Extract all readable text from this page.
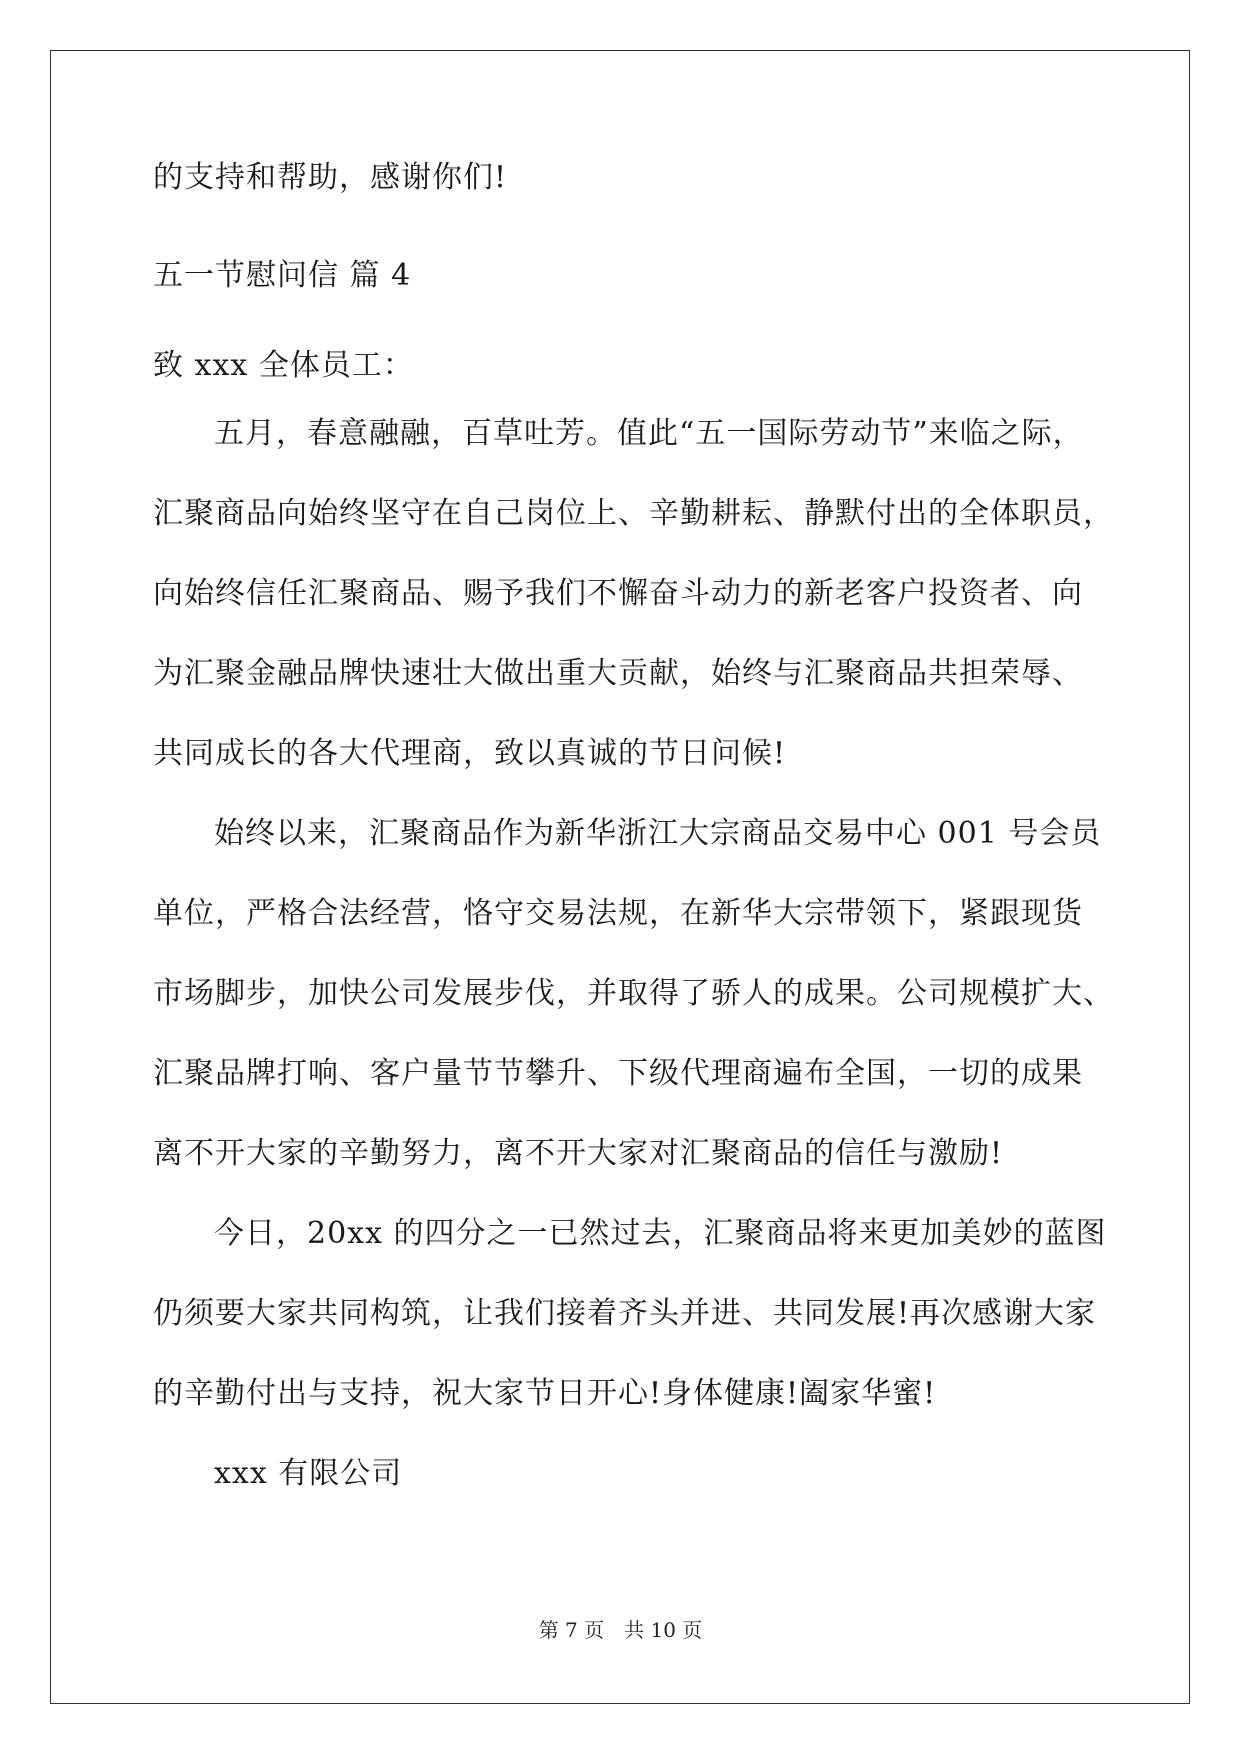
的支持和帮助，感谢你们!
五一节慰问信 篇 4
致 xxx 全体员工：
五月，春意融融，百草吐芳。值此“五一国际劳动节”来临之际，
汇聚商品向始终坚守在自己岗位上、辛勤耕耘、静默付出的全体职员，
向始终信任汇聚商品、赐予我们不懈奋斗动力的新老客户投资者、向
为汇聚金融品牌快速壮大做出重大贡献，始终与汇聚商品共担荣辱、
共同成长的各大代理商，致以真诚的节日问候!
始终以来，汇聚商品作为新华浙江大宗商品交易中心 001 号会员
单位，严格合法经营，恪守交易法规，在新华大宗带领下，紧跟现货
市场脚步，加快公司发展步伐，并取得了骄人的成果。公司规模扩大、
汇聚品牌打响、客户量节节攀升、下级代理商遍布全国，一切的成果
离不开大家的辛勤努力，离不开大家对汇聚商品的信任与激励!
今日，20xx 的四分之一已然过去，汇聚商品将来更加美妙的蓝图
仍须要大家共同构筑，让我们接着齐头并进、共同发展!再次感谢大家
的辛勤付出与支持，祝大家节日开心!身体健康!阖家华蜜!
xxx 有限公司
第 7 页 共 10 页
